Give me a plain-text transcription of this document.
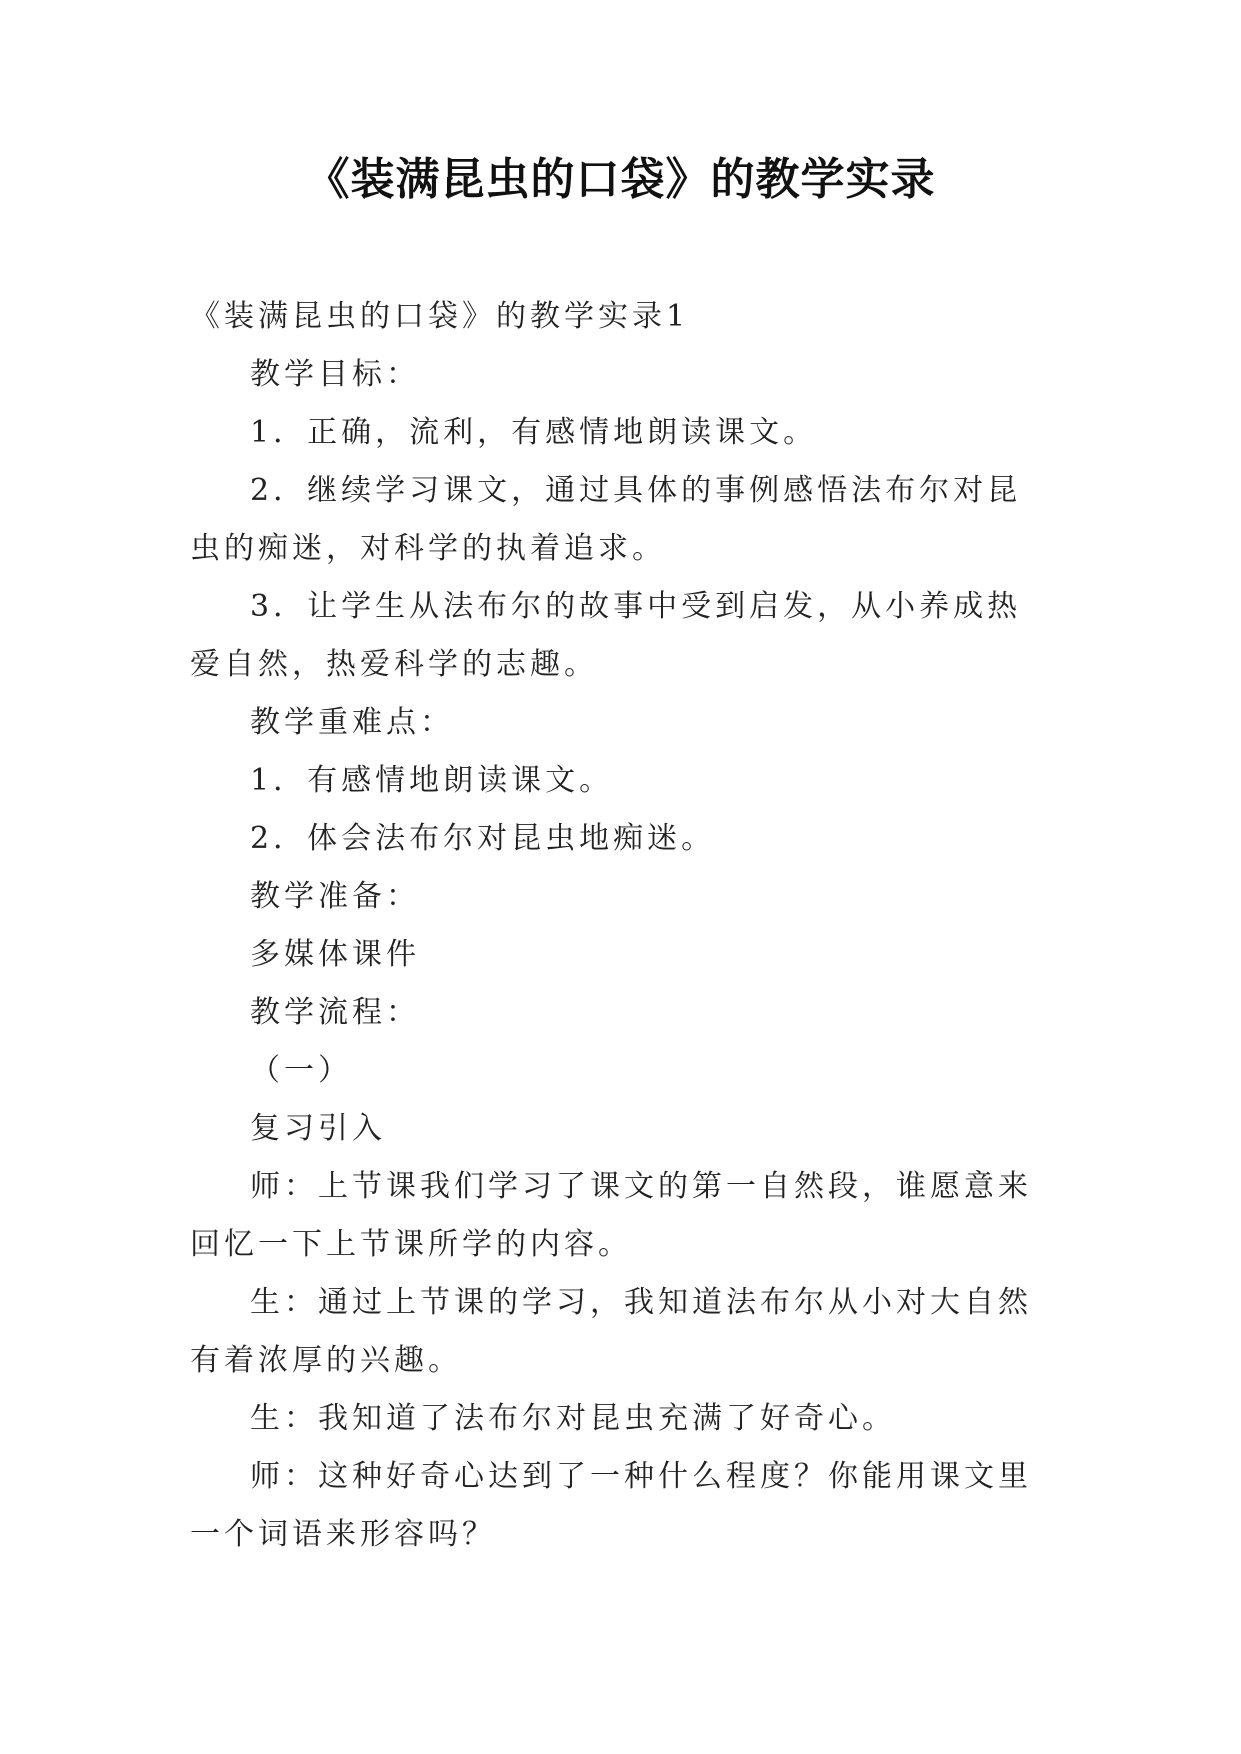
《装满昆虫的口袋》的教学实录

《装满昆虫的口袋》的教学实录1

教学目标：

1．正确，流利，有感情地朗读课文。

2．继续学习课文，通过具体的事例感悟法布尔对昆虫的痴迷，对科学的执着追求。

3．让学生从法布尔的故事中受到启发，从小养成热爱自然，热爱科学的志趣。

教学重难点：

1．有感情地朗读课文。

2．体会法布尔对昆虫地痴迷。

教学准备：

多媒体课件

教学流程：

（一）

复习引入

师：上节课我们学习了课文的第一自然段，谁愿意来回忆一下上节课所学的内容。

生：通过上节课的学习，我知道法布尔从小对大自然有着浓厚的兴趣。

生：我知道了法布尔对昆虫充满了好奇心。

师：这种好奇心达到了一种什么程度？你能用课文里一个词语来形容吗？
